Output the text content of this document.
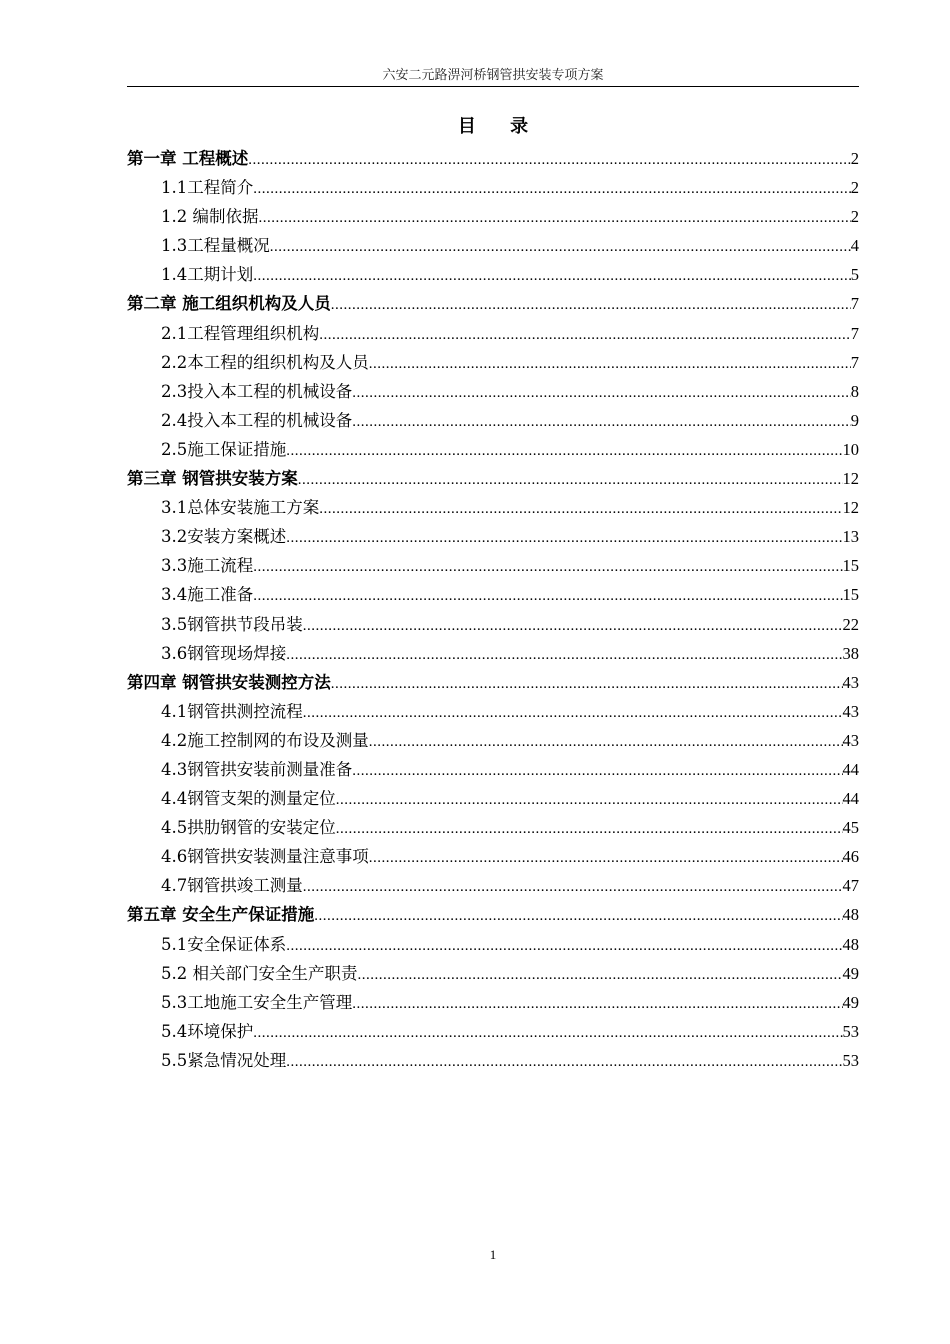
六安二元路淠河桥钢管拱安装专项方案
目 录
第一章 工程概述 .....	2
1.1工程简介 .....	2
1.2 编制依据 .....	2
1.3工程量概况 .....	4
1.4工期计划 .....	5
第二章 施工组织机构及人员 .....	7
2.1工程管理组织机构 .....	7
2.2本工程的组织机构及人员 .....	7
2.3投入本工程的机械设备 .....	8
2.4投入本工程的机械设备 .....	9
2.5施工保证措施 .....	10
第三章 钢管拱安装方案 .....	12
3.1总体安装施工方案 .....	12
3.2安装方案概述 .....	13
3.3施工流程 .....	15
3.4施工准备 .....	15
3.5钢管拱节段吊装 .....	22
3.6钢管现场焊接 .....	38
第四章 钢管拱安装测控方法 .....	43
4.1钢管拱测控流程 .....	43
4.2施工控制网的布设及测量 .....	43
4.3钢管拱安装前测量准备 .....	44
4.4钢管支架的测量定位 .....	44
4.5拱肋钢管的安装定位 .....	45
4.6钢管拱安装测量注意事项 .....	46
4.7钢管拱竣工测量 .....	47
第五章 安全生产保证措施 .....	48
5.1安全保证体系 .....	48
5.2 相关部门安全生产职责 .....	49
5.3工地施工安全生产管理 .....	49
5.4环境保护 .....	53
5.5紧急情况处理 .....	53
1
